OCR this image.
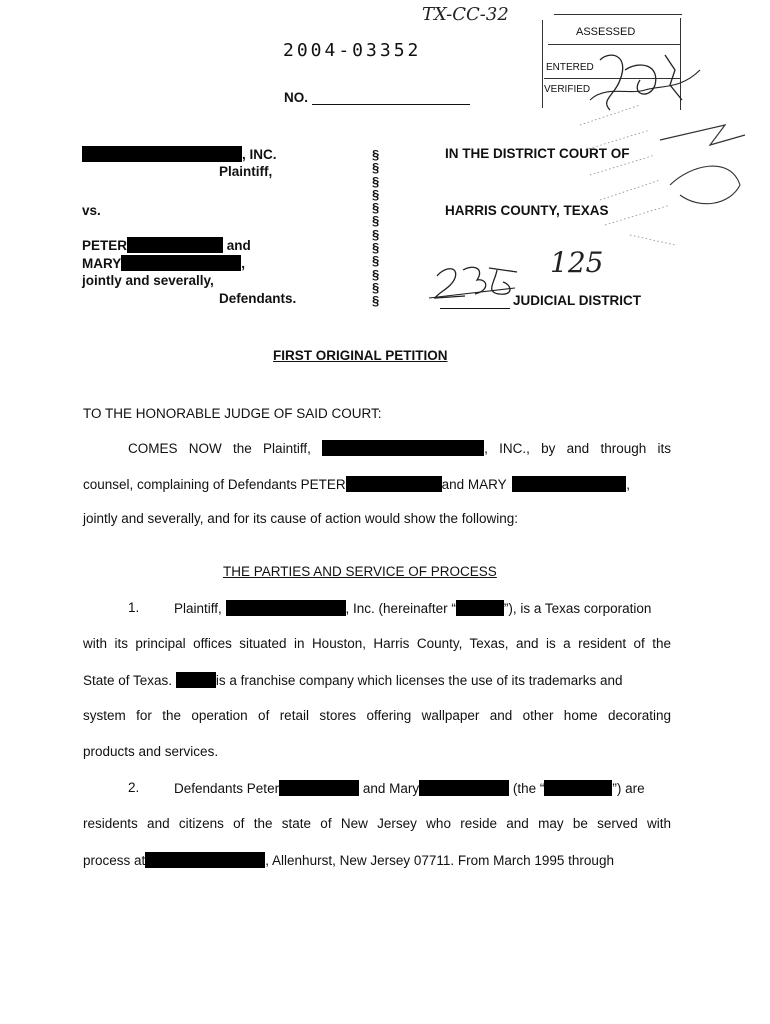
TX-CC-32
2004-03352
NO.
ASSESSED
ENTERED
VERIFIED
, INC.
Plaintiff,
vs.
PETER	and
MARY	,
jointly and severally,
Defendants.
§
§
§
§
§
§
§
§
§
§
§
§
IN THE DISTRICT COURT OF
HARRIS COUNTY, TEXAS
125
JUDICIAL DISTRICT
FIRST ORIGINAL PETITION
TO THE HONORABLE JUDGE OF SAID COURT:
COMES NOW the Plaintiff,	, INC., by and through its
counsel, complaining of Defendants PETER	and MARY	,
jointly and severally, and for its cause of action would show the following:
THE PARTIES AND SERVICE OF PROCESS
1.	Plaintiff,	, Inc. (hereinafter “	”), is a Texas corporation
with its principal offices situated in Houston, Harris County, Texas, and is a resident of the
State of Texas.	is a franchise company which licenses the use of its trademarks and
system for the operation of retail stores offering wallpaper and other home decorating
products and services.
2.	Defendants Peter	and Mary	(the “	”) are
residents and citizens of the state of New Jersey who reside and may be served with
process at	, Allenhurst, New Jersey 07711. From March 1995 through
